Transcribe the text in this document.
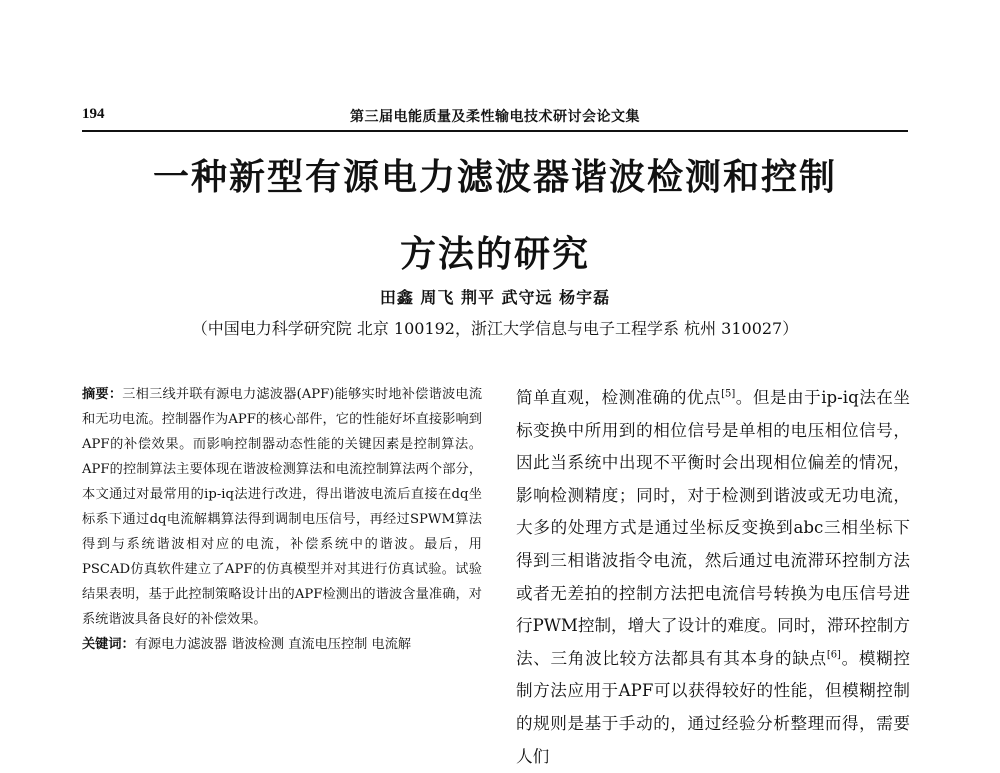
194	第三届电能质量及柔性输电技术研讨会论文集
一种新型有源电力滤波器谐波检测和控制
方法的研究
田鑫 周飞 荆平 武守远 杨宇磊
（中国电力科学研究院 北京 100192，浙江大学信息与电子工程学系 杭州 310027）

摘要：三相三线并联有源电力滤波器(APF)能够实时地补偿谐波电流和无功电流。控制器作为APF的核心部件，它的性能好坏直接影响到APF的补偿效果。而影响控制器动态性能的关键因素是控制算法。APF的控制算法主要体现在谐波检测算法和电流控制算法两个部分，本文通过对最常用的ip-iq法进行改进，得出谐波电流后直接在dq坐标系下通过dq电流解耦算法得到调制电压信号，再经过SPWM算法得到与系统谐波相对应的电流，补偿系统中的谐波。最后，用PSCAD仿真软件建立了APF的仿真模型并对其进行仿真试验。试验结果表明，基于此控制策略设计出的APF检测出的谐波含量准确，对系统谐波具备良好的补偿效果。

关键词：有源电力滤波器 谐波检测 直流电压控制 电流解

简单直观，检测准确的优点[5]。但是由于ip-iq法在坐标变换中所用到的相位信号是单相的电压相位信号，因此当系统中出现不平衡时会出现相位偏差的情况，影响检测精度；同时，对于检测到谐波或无功电流，大多的处理方式是通过坐标反变换到abc三相坐标下得到三相谐波指令电流，然后通过电流滞环控制方法或者无差拍的控制方法把电流信号转换为电压信号进行PWM控制，增大了设计的难度。同时，滞环控制方法、三角波比较方法都具有其本身的缺点[6]。模糊控制方法应用于APF可以获得较好的性能，但模糊控制的规则是基于手动的，通过经验分析整理而得，需要人们
